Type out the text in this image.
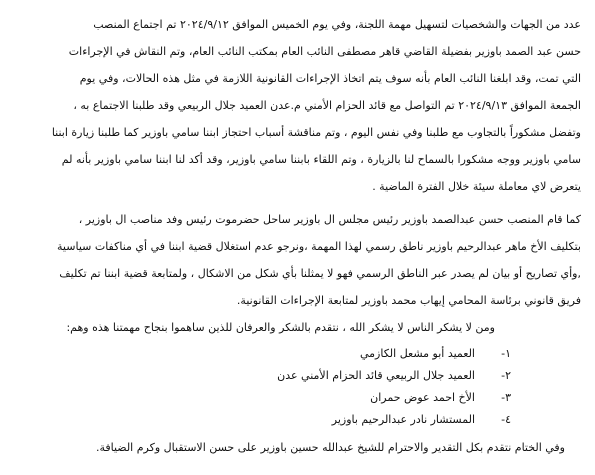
عدد من الجهات والشخصيات لتسهيل مهمة اللجنة، وفي يوم الخميس الموافق ٢٠٢٤/٩/١٢ تم اجتماع المنصب
حسن عبد الصمد باوزير بفضيلة القاضي قاهر مصطفى النائب العام بمكتب النائب العام، وتم النقاش في الإجراءات
التي تمت، وقد ابلغنا النائب العام بأنه سوف يتم اتخاذ الإجراءات القانونية اللازمة في مثل هذه الحالات، وفي يوم
الجمعة الموافق ٢٠٢٤/٩/١٣ تم التواصل مع قائد الحزام الأمني م.عدن العميد جلال الربيعي وقد طلبنا الاجتماع به ،
وتفضل مشكوراً بالتجاوب مع طلبنا وفي نفس اليوم ، وتم مناقشة أسباب احتجاز ابننا سامي باوزير كما طلبنا زيارة ابننا
سامي باوزير ووجه مشكورا بالسماح لنا بالزيارة ، وتم اللقاء بابننا سامي باوزير، وقد أكد لنا ابننا سامي باوزير بأنه لم
يتعرض لاي معاملة سيئة خلال الفترة الماضية .
كما قام المنصب حسن عبدالصمد باوزير رئيس مجلس ال باوزير ساحل حضرموت رئيس وفد مناصب ال باوزير ،
بتكليف الأخ ماهر عبدالرحيم باوزير ناطق رسمي لهذا المهمة ،ونرجو عدم استغلال قضية ابننا في أي مناكفات سياسية
,وأي تصاريح أو بيان لم يصدر عبر الناطق الرسمي فهو لا يمثلنا بأي شكل من الاشكال ، ولمتابعة قضية ابننا تم تكليف
فريق قانوني برئاسة المحامي إيهاب محمد باوزير لمتابعة الإجراءات القانونية.
ومن لا يشكر الناس لا يشكر الله ، نتقدم بالشكر والعرفان للذين ساهموا بنجاح مهمتنا هذه وهم:
١-العميد أبو مشعل الكازمي
٢-العميد جلال الربيعي قائد الحزام الأمني عدن
٣-الأخ احمد عوض حمران
٤-المستشار نادر عبدالرحيم باوزير
وفي الختام نتقدم بكل التقدير والاحترام للشيخ عبدالله حسين باوزير على حسن الاستقبال وكرم الضيافة.
